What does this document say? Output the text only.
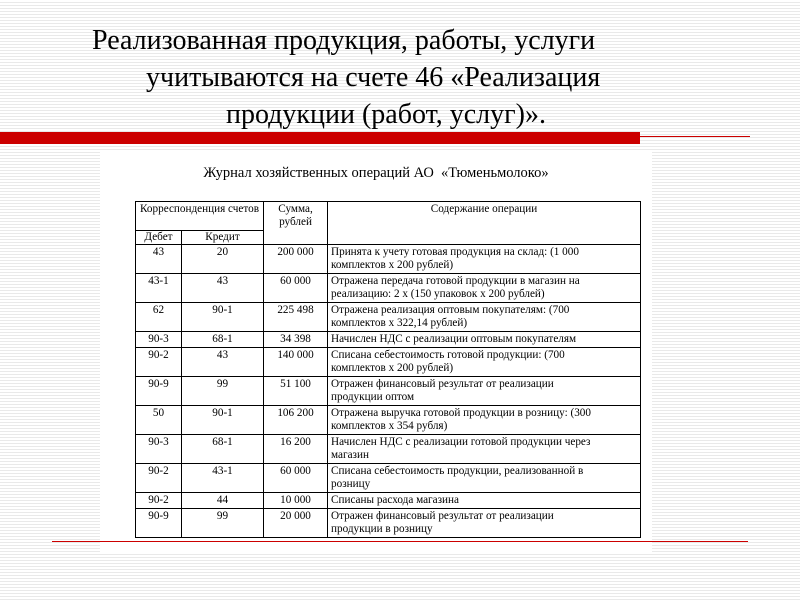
Реализованная продукция, работы, услуги
учитываются на счете 46 «Реализация
продукции (работ, услуг)».
Журнал хозяйственных операций АО  «Тюменьмолоко»
Корреспонденция счетов		Сумма, рублей	Содержание операции
Дебет	Кредит		
43	20	200 000	Принята к учету готовая продукция на склад: (1 000
комплектов х 200 рублей)

43-1	43	60 000	Отражена передача готовой продукции в магазин на
реализацию: 2 х (150 упаковок х 200 рублей)

62	90-1	225 498	Отражена реализация оптовым покупателям: (700
комплектов х 322,14 рублей)

90-3	68-1	34 398	Начислен НДС с реализации оптовым покупателям

90-2	43	140 000	Списана себестоимость готовой продукции: (700
комплектов х 200 рублей)

90-9	99	51 100	Отражен финансовый результат от реализации
продукции оптом

50	90-1	106 200	Отражена выручка готовой продукции в розницу: (300
комплектов х 354 рубля)

90-3	68-1	16 200	Начислен НДС с реализации готовой продукции через
магазин

90-2	43-1	60 000	Списана себестоимость продукции, реализованной в
розницу

90-2	44	10 000	Списаны расхода магазина

90-9	99	20 000	Отражен финансовый результат от реализации
продукции в розницу
